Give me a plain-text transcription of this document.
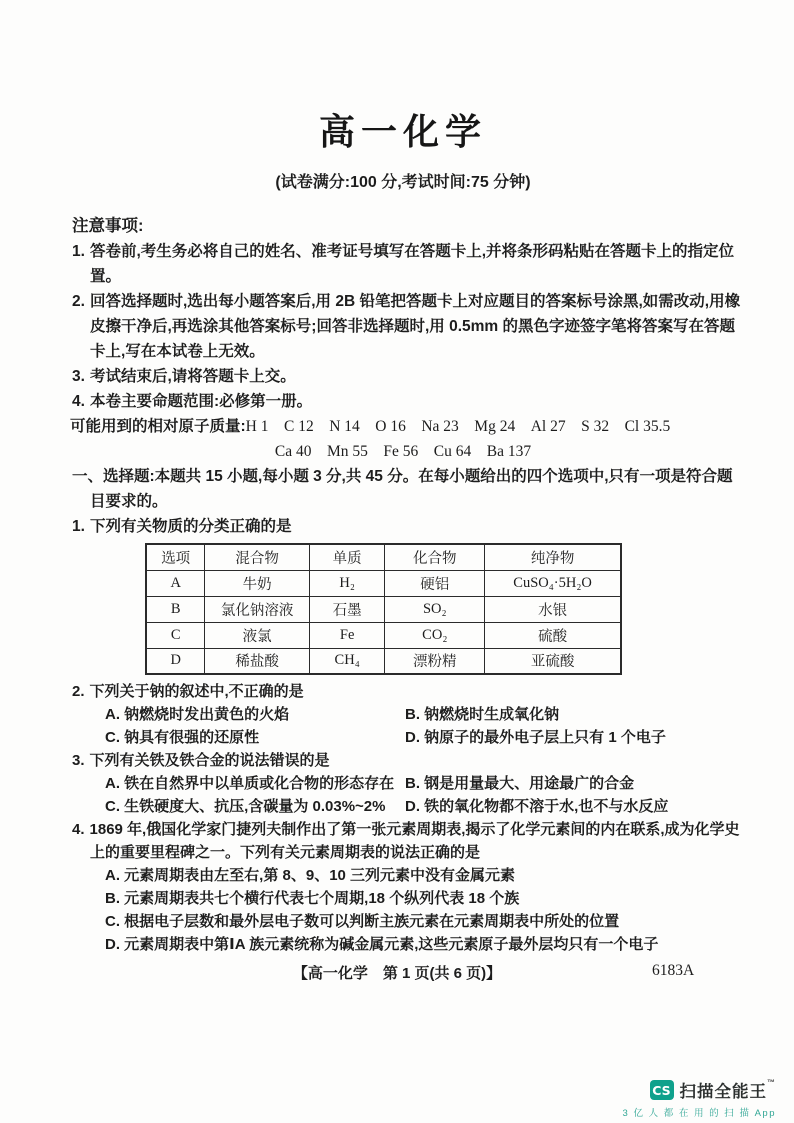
高一化学
(试卷满分:100 分,考试时间:75 分钟)
注意事项:

1. 答卷前,考生务必将自己的姓名、准考证号填写在答题卡上,并将条形码粘贴在答题卡上的指定位置。

2. 回答选择题时,选出每小题答案后,用 2B 铅笔把答题卡上对应题目的答案标号涂黑,如需改动,用橡皮擦干净后,再选涂其他答案标号;回答非选择题时,用 0.5mm 的黑色字迹签字笔将答案写在答题卡上,写在本试卷上无效。

3. 考试结束后,请将答题卡上交。

4. 本卷主要命题范围:必修第一册。

可能用到的相对原子质量:H 1　C 12　N 14　O 16　Na 23　Mg 24　Al 27　S 32　Cl 35.5

Ca 40　Mn 55　Fe 56　Cu 64　Ba 137

一、选择题:本题共 15 小题,每小题 3 分,共 45 分。在每小题给出的四个选项中,只有一项是符合题目要求的。

1. 下列有关物质的分类正确的是

选项	混合物	单质	化合物	纯净物
A	牛奶	H₂	硬铝	CuSO₄·5H₂O
B	氯化钠溶液	石墨	SO₂	水银
C	液氯	Fe	CO₂	硫酸
D	稀盐酸	CH₄	漂粉精	亚硫酸

2. 下列关于钠的叙述中,不正确的是

A. 钠燃烧时发出黄色的火焰	B. 钠燃烧时生成氧化钠
C. 钠具有很强的还原性	D. 钠原子的最外电子层上只有 1 个电子

3. 下列有关铁及铁合金的说法错误的是

A. 铁在自然界中以单质或化合物的形态存在 B. 钢是用量最大、用途最广的合金
C. 生铁硬度大、抗压,含碳量为 0.03%~2%	D. 铁的氧化物都不溶于水,也不与水反应

4. 1869 年,俄国化学家门捷列夫制作出了第一张元素周期表,揭示了化学元素间的内在联系,成为化学史上的重要里程碑之一。下列有关元素周期表的说法正确的是

A. 元素周期表由左至右,第 8、9、10 三列元素中没有金属元素

B. 元素周期表共七个横行代表七个周期,18 个纵列代表 18 个族

C. 根据电子层数和最外层电子数可以判断主族元素在元素周期表中所处的位置

D. 元素周期表中第ⅠA 族元素统称为碱金属元素,这些元素原子最外层均只有一个电子

【高一化学　第 1 页(共 6 页)】	6183A
CS 扫描全能王™
3 亿 人 都 在 用 的 扫 描 App
